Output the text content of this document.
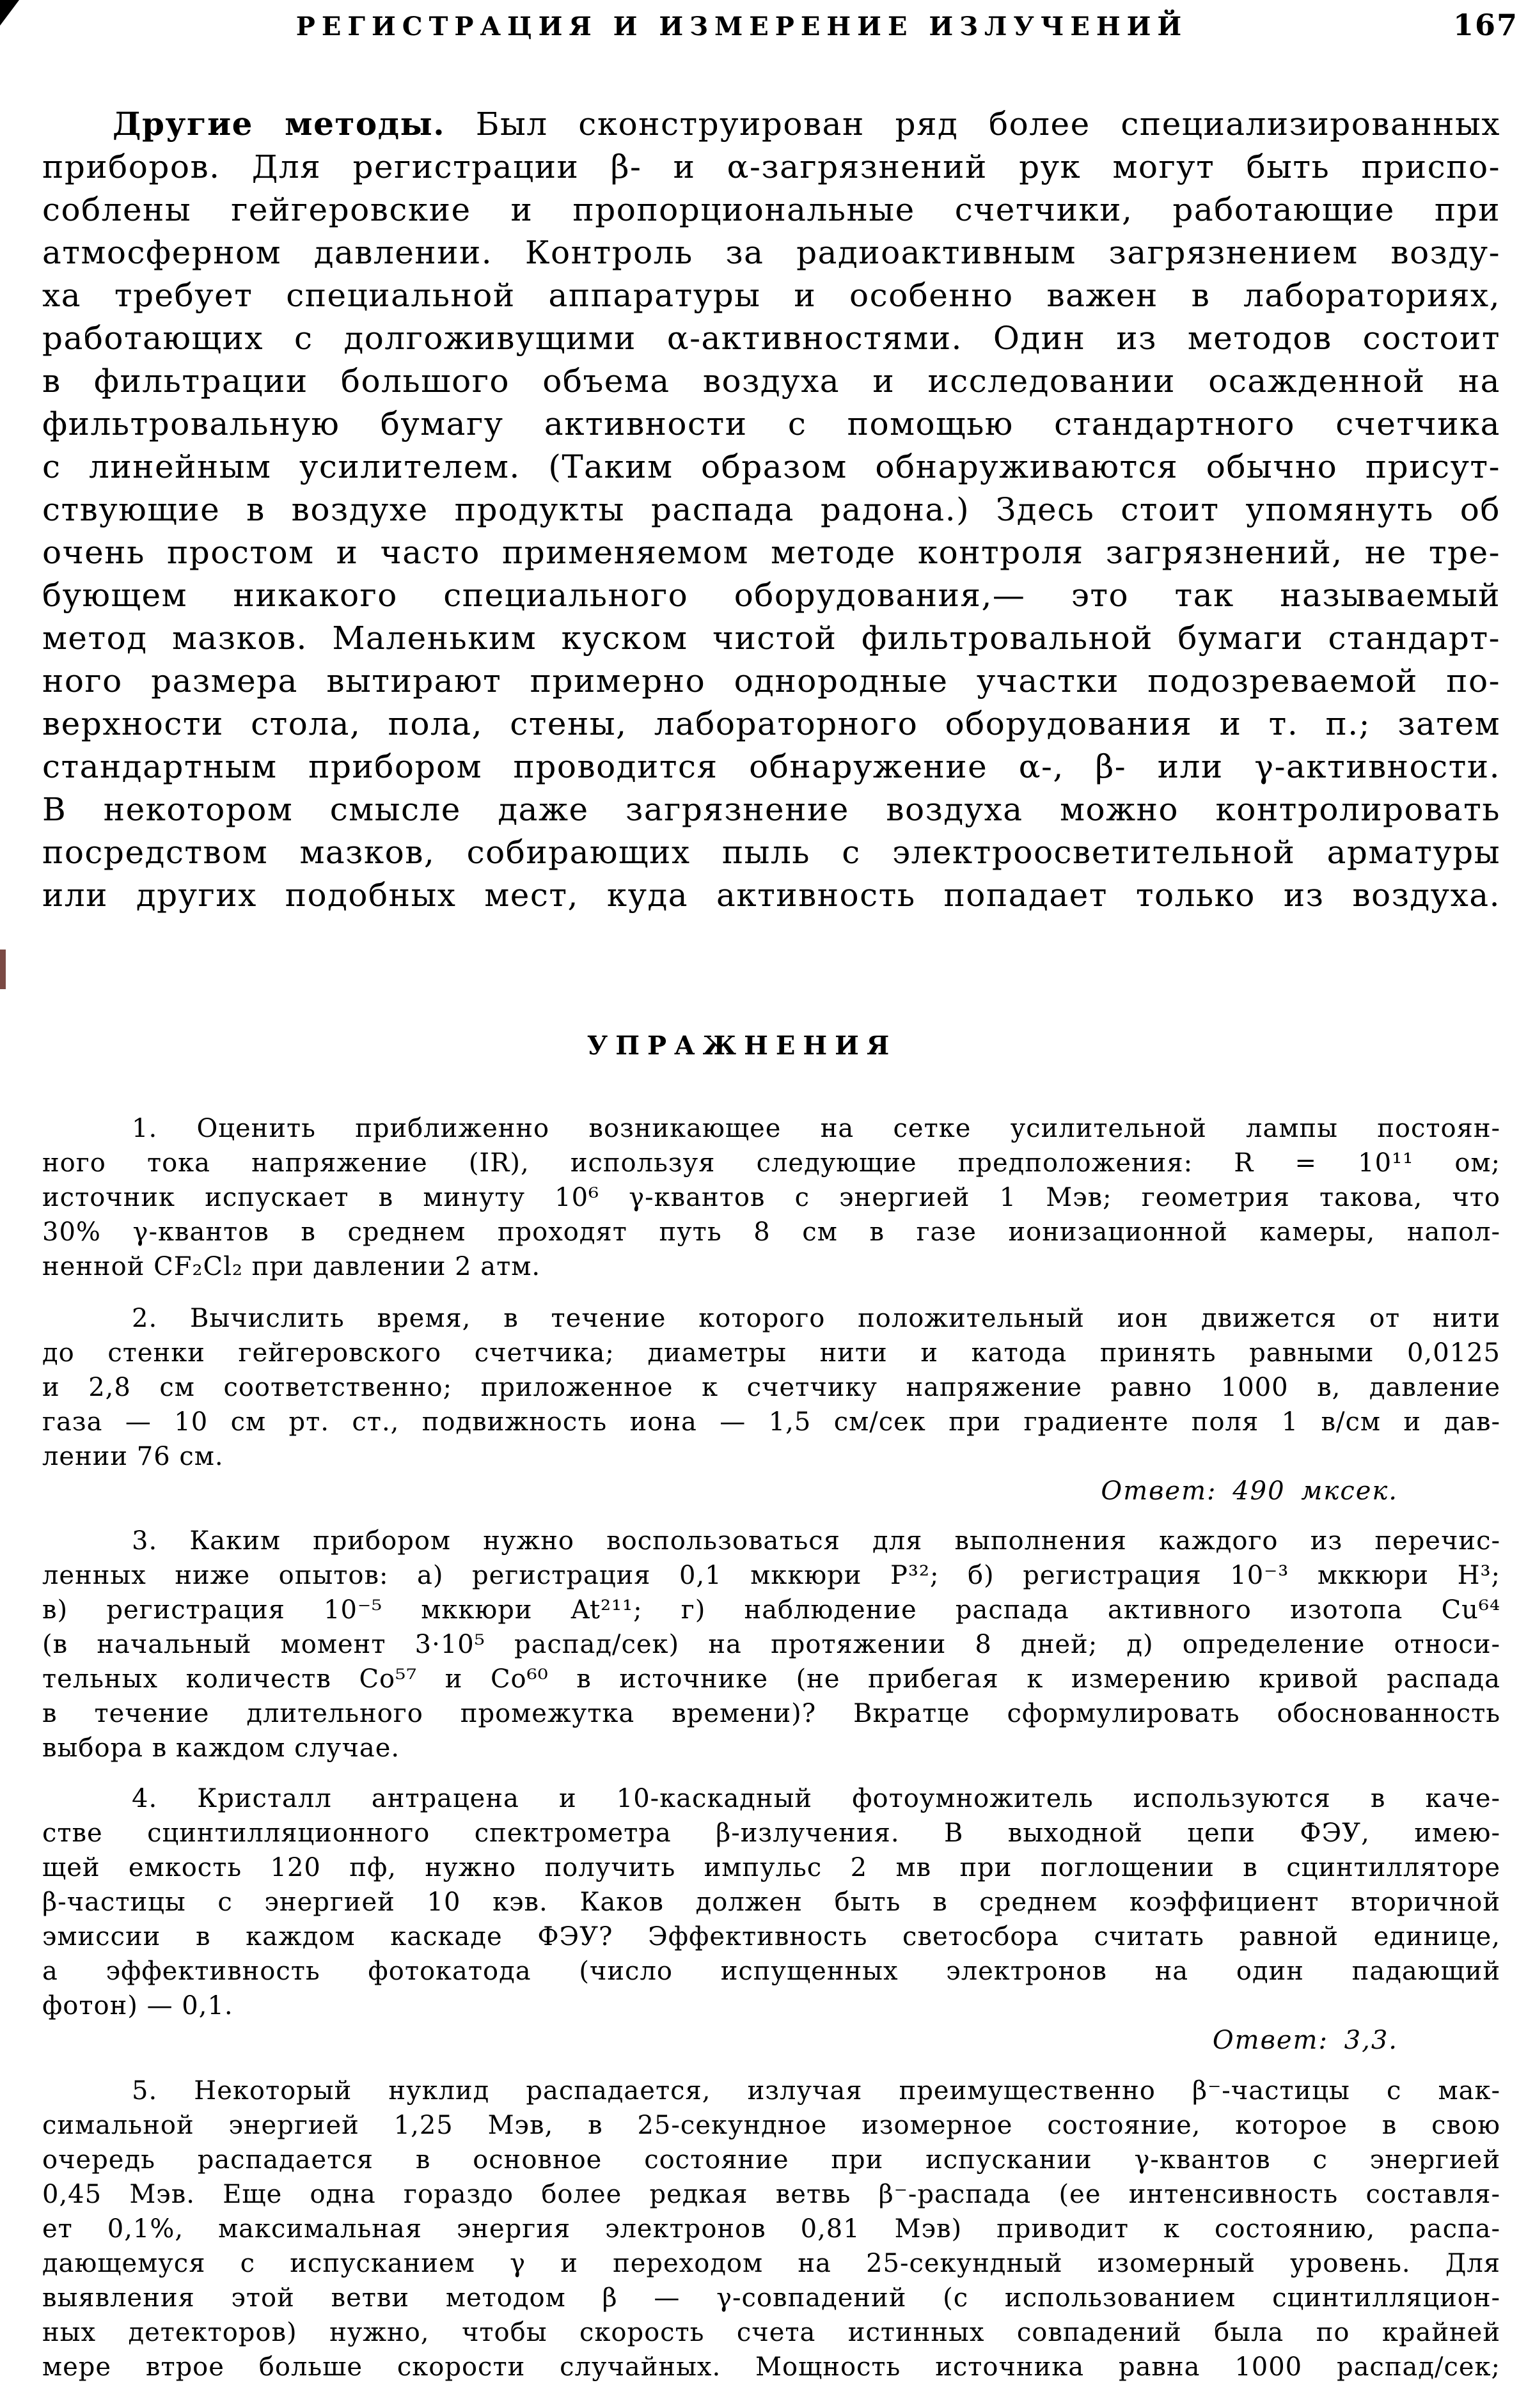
РЕГИСТРАЦИЯ И ИЗМЕРЕНИЕ ИЗЛУЧЕНИЙ	167
Другие методы. Был сконструирован ряд более специализированных
приборов. Для регистрации β- и α-загрязнений рук могут быть приспо-
соблены гейгеровские и пропорциональные счетчики, работающие при
атмосферном давлении. Контроль за радиоактивным загрязнением возду-
ха требует специальной аппаратуры и особенно важен в лабораториях,
работающих с долгоживущими α-активностями. Один из методов состоит
в фильтрации большого объема воздуха и исследовании осажденной на
фильтровальную бумагу активности с помощью стандартного счетчика
с линейным усилителем. (Таким образом обнаруживаются обычно присут-
ствующие в воздухе продукты распада радона.) Здесь стоит упомянуть об
очень простом и часто применяемом методе контроля загрязнений, не тре-
бующем никакого специального оборудования,— это так называемый
метод мазков. Маленьким куском чистой фильтровальной бумаги стандарт-
ного размера вытирают примерно однородные участки подозреваемой по-
верхности стола, пола, стены, лабораторного оборудования и т. п.; затем
стандартным прибором проводится обнаружение α-, β- или γ-активности.
В некотором смысле даже загрязнение воздуха можно контролировать
посредством мазков, собирающих пыль с электроосветительной арматуры
или других подобных мест, куда активность попадает только из воздуха.
УПРАЖНЕНИЯ
1. Оценить приближенно возникающее на сетке усилительной лампы постоян-
ного тока напряжение (IR), используя следующие предположения: R = 10¹¹ ом;
источник испускает в минуту 10⁶ γ-квантов с энергией 1 Мэв; геометрия такова, что
30% γ-квантов в среднем проходят путь 8 см в газе ионизационной камеры, напол-
ненной CF₂Cl₂ при давлении 2 атм.
2. Вычислить время, в течение которого положительный ион движется от нити
до стенки гейгеровского счетчика; диаметры нити и катода принять равными 0,0125
и 2,8 см соответственно; приложенное к счетчику напряжение равно 1000 в, давление
газа — 10 см рт. ст., подвижность иона — 1,5 см/сек при градиенте поля 1 в/см и дав-
лении 76 см.
Ответ: 490 мксек.
3. Каким прибором нужно воспользоваться для выполнения каждого из перечис-
ленных ниже опытов: а) регистрация 0,1 мккюри P³²; б) регистрация 10⁻³ мккюри H³;
в) регистрация 10⁻⁵ мккюри At²¹¹; г) наблюдение распада активного изотопа Cu⁶⁴
(в начальный момент 3·10⁵ распад/сек) на протяжении 8 дней; д) определение относи-
тельных количеств Co⁵⁷ и Co⁶⁰ в источнике (не прибегая к измерению кривой распада
в течение длительного промежутка времени)? Вкратце сформулировать обоснованность
выбора в каждом случае.
4. Кристалл антрацена и 10-каскадный фотоумножитель используются в каче-
стве сцинтилляционного спектрометра β-излучения. В выходной цепи ФЭУ, имею-
щей емкость 120 пф, нужно получить импульс 2 мв при поглощении в сцинтилляторе
β-частицы с энергией 10 кэв. Каков должен быть в среднем коэффициент вторичной
эмиссии в каждом каскаде ФЭУ? Эффективность светосбора считать равной единице,
а эффективность фотокатода (число испущенных электронов на один падающий
фотон) — 0,1.
Ответ: 3,3.
5. Некоторый нуклид распадается, излучая преимущественно β⁻-частицы с мак-
симальной энергией 1,25 Мэв, в 25-секундное изомерное состояние, которое в свою
очередь распадается в основное состояние при испускании γ-квантов с энергией
0,45 Мэв. Еще одна гораздо более редкая ветвь β⁻-распада (ее интенсивность составля-
ет 0,1%, максимальная энергия электронов 0,81 Мэв) приводит к состоянию, распа-
дающемуся с испусканием γ и переходом на 25-секундный изомерный уровень. Для
выявления этой ветви методом β — γ-совпадений (с использованием сцинтилляцион-
ных детекторов) нужно, чтобы скорость счета истинных совпадений была по крайней
мере втрое больше скорости случайных. Мощность источника равна 1000 распад/сек;
